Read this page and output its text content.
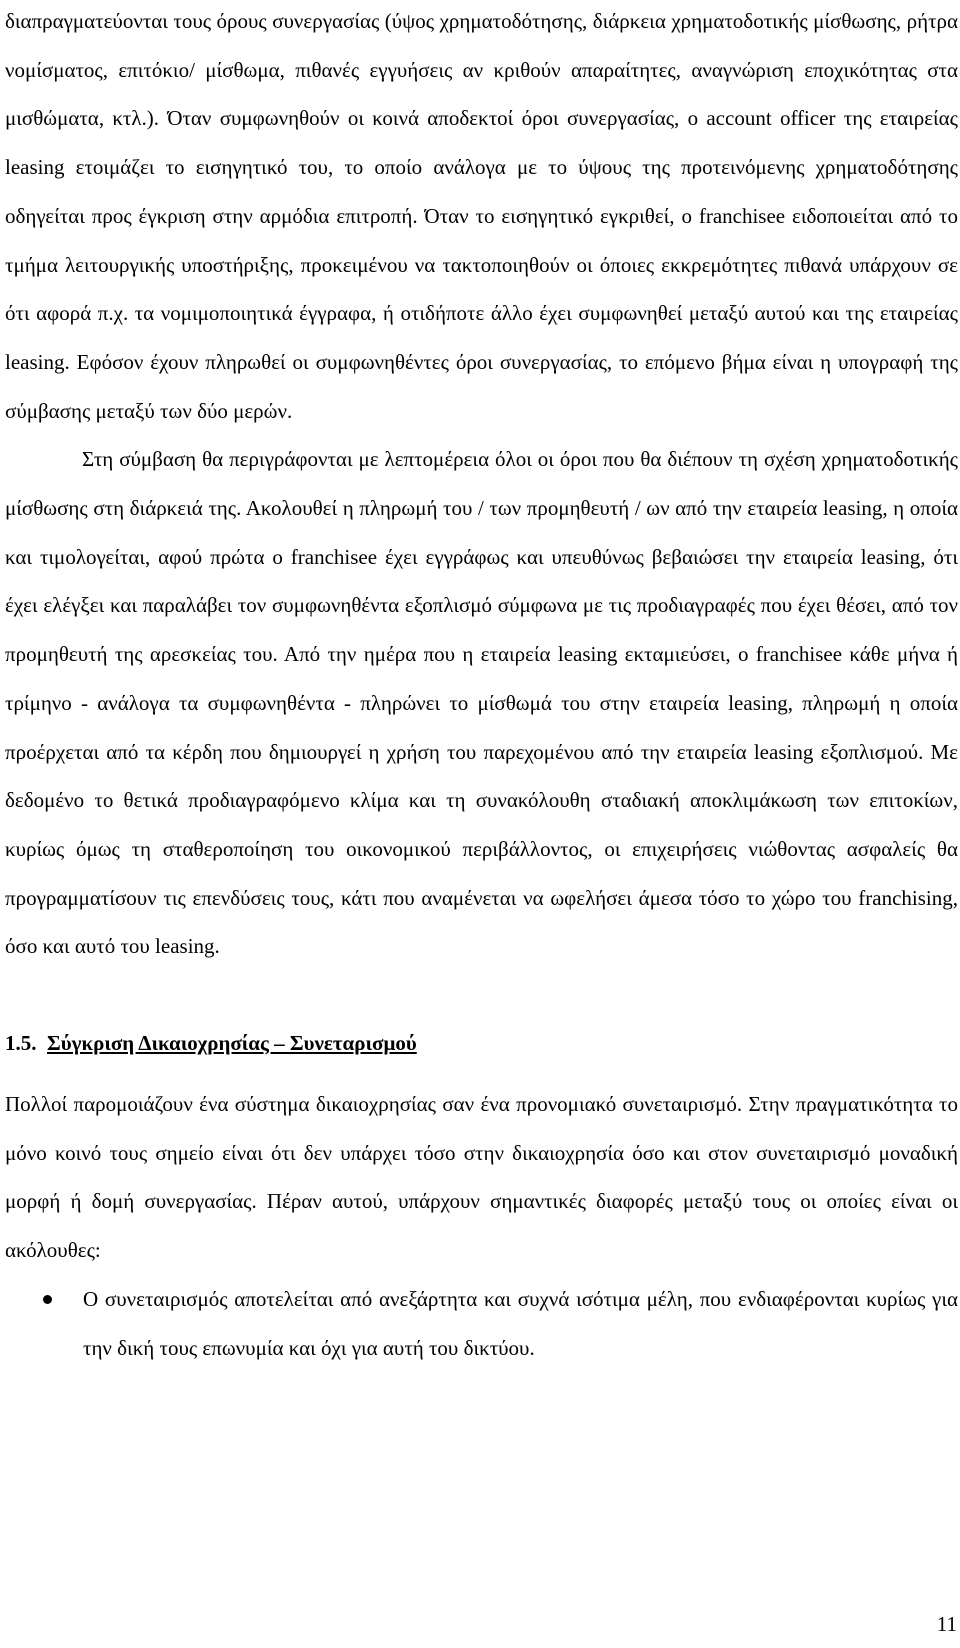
διαπραγματεύονται τους όρους συνεργασίας (ύψος χρηματοδότησης, διάρκεια χρηματοδοτικής μίσθωσης, ρήτρα νομίσματος, επιτόκιο/ μίσθωμα, πιθανές εγγυήσεις αν κριθούν απαραίτητες, αναγνώριση εποχικότητας στα μισθώματα, κτλ.). Όταν συμφωνηθούν οι κοινά αποδεκτοί όροι συνεργασίας, ο account officer της εταιρείας leasing ετοιμάζει το εισηγητικό του, το οποίο ανάλογα με το ύψους της προτεινόμενης χρηματοδότησης οδηγείται προς έγκριση στην αρμόδια επιτροπή. Όταν το εισηγητικό εγκριθεί, ο franchisee ειδοποιείται από το τμήμα λειτουργικής υποστήριξης, προκειμένου να τακτοποιηθούν οι όποιες εκκρεμότητες πιθανά υπάρχουν σε ότι αφορά π.χ. τα νομιμοποιητικά έγγραφα, ή οτιδήποτε άλλο έχει συμφωνηθεί μεταξύ αυτού και της εταιρείας leasing. Εφόσον έχουν πληρωθεί οι συμφωνηθέντες όροι συνεργασίας, το επόμενο βήμα είναι η υπογραφή της σύμβασης μεταξύ των δύο μερών.

Στη σύμβαση θα περιγράφονται με λεπτομέρεια όλοι οι όροι που θα διέπουν τη σχέση χρηματοδοτικής μίσθωσης στη διάρκειά της. Ακολουθεί η πληρωμή του / των προμηθευτή / ων από την εταιρεία leasing, η οποία και τιμολογείται, αφού πρώτα ο franchisee έχει εγγράφως και υπευθύνως βεβαιώσει την εταιρεία leasing, ότι έχει ελέγξει και παραλάβει τον συμφωνηθέντα εξοπλισμό σύμφωνα με τις προδιαγραφές που έχει θέσει, από τον προμηθευτή της αρεσκείας του. Από την ημέρα που η εταιρεία leasing εκταμιεύσει, ο franchisee κάθε μήνα ή τρίμηνο - ανάλογα τα συμφωνηθέντα - πληρώνει το μίσθωμά του στην εταιρεία leasing, πληρωμή η οποία προέρχεται από τα κέρδη που δημιουργεί η χρήση του παρεχομένου από την εταιρεία leasing εξοπλισμού. Με δεδομένο το θετικά προδιαγραφόμενο κλίμα και τη συνακόλουθη σταδιακή αποκλιμάκωση των επιτοκίων, κυρίως όμως τη σταθεροποίηση του οικονομικού περιβάλλοντος, οι επιχειρήσεις νιώθοντας ασφαλείς θα προγραμματίσουν τις επενδύσεις τους, κάτι που αναμένεται να ωφελήσει άμεσα τόσο το χώρο του franchising, όσο και αυτό του leasing.

1.5. Σύγκριση Δικαιοχρησίας – Συνεταρισμού

Πολλοί παρομοιάζουν ένα σύστημα δικαιοχρησίας σαν ένα προνομιακό συνεταιρισμό. Στην πραγματικότητα το μόνο κοινό τους σημείο είναι ότι δεν υπάρχει τόσο στην δικαιοχρησία όσο και στον συνεταιρισμό μοναδική μορφή ή δομή συνεργασίας. Πέραν αυτού, υπάρχουν σημαντικές διαφορές μεταξύ τους οι οποίες είναι οι ακόλουθες:

Ο συνεταιρισμός αποτελείται από ανεξάρτητα και συχνά ισότιμα μέλη, που ενδιαφέρονται κυρίως για την δική τους επωνυμία και όχι για αυτή του δικτύου.
11
